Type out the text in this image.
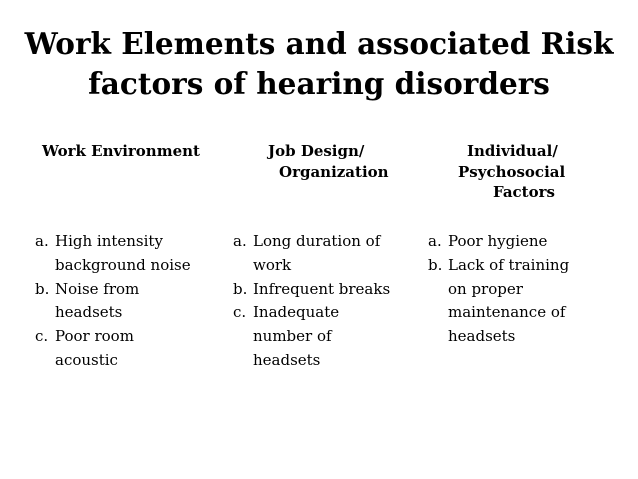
Work Elements and associated Risk
factors of hearing disorders
Work Environment	Job Design/
Organization
Individual/
Psychosocial
Factors
a. High intensity
background noise
b. Noise from
headsets
c. Poor room
acoustic
a. Long duration of
work
b. Infrequent breaks
c. Inadequate
number of
headsets
a. Poor hygiene
b. Lack of training
on proper
maintenance of
headsets
